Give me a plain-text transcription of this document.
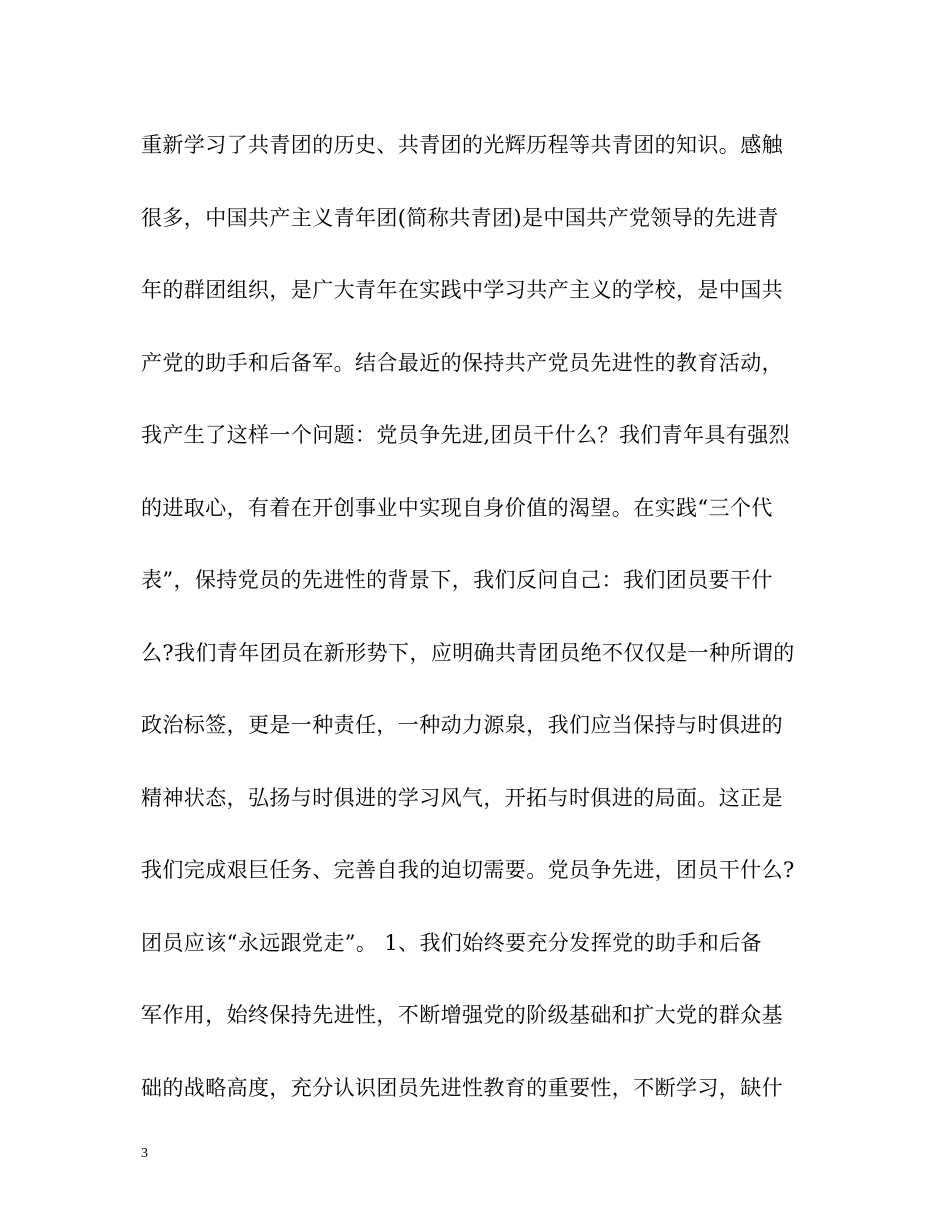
重新学习了共青团的历史、共青团的光辉历程等共青团的知识。感触
很多，中国共产主义青年团(简称共青团)是中国共产党领导的先进青
年的群团组织，是广大青年在实践中学习共产主义的学校，是中国共
产党的助手和后备军。结合最近的保持共产党员先进性的教育活动，
我产生了这样一个问题：党员争先进,团员干什么？我们青年具有强烈
的进取心，有着在开创事业中实现自身价值的渴望。在实践“三个代
表”，保持党员的先进性的背景下，我们反问自己：我们团员要干什
么?我们青年团员在新形势下，应明确共青团员绝不仅仅是一种所谓的
政治标签，更是一种责任，一种动力源泉，我们应当保持与时俱进的
精神状态，弘扬与时俱进的学习风气，开拓与时俱进的局面。这正是
我们完成艰巨任务、完善自我的迫切需要。党员争先进，团员干什么?
团员应该“永远跟党走”。 1、我们始终要充分发挥党的助手和后备
军作用，始终保持先进性，不断增强党的阶级基础和扩大党的群众基
础的战略高度，充分认识团员先进性教育的重要性，不断学习，缺什
3
